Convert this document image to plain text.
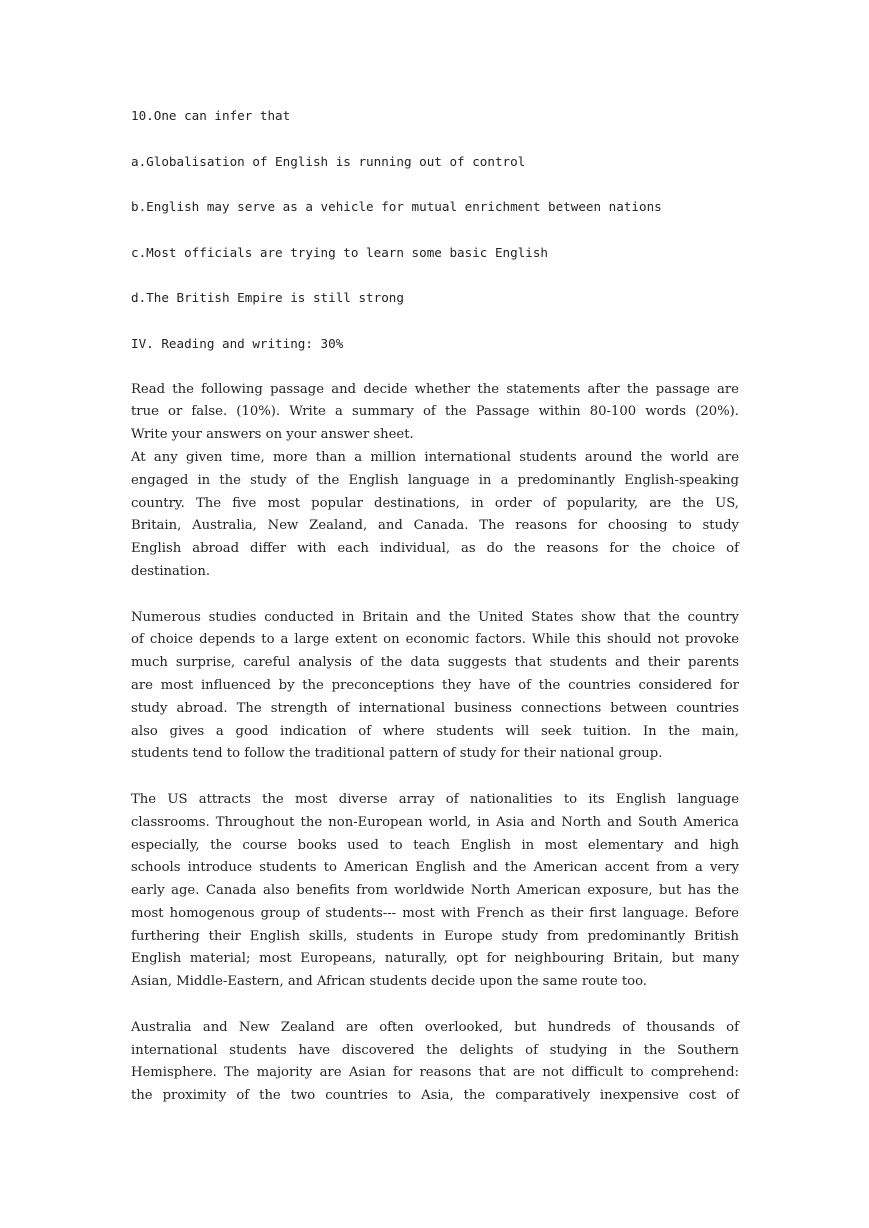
10.One can infer that
a.Globalisation of English is running out of control
b.English may serve as a vehicle for mutual enrichment between nations
c.Most officials are trying to learn some basic English
d.The British Empire is still strong
IV. Reading and writing: 30%
Read the following passage and decide whether the statements after the passage are
true or false. (10%). Write a summary of the Passage within 80-100 words (20%).
Write your answers on your answer sheet.
At any given time, more than a million international students around the world are
engaged in the study of the English language in a predominantly English-speaking
country. The five most popular destinations, in order of popularity, are the US,
Britain, Australia, New Zealand, and Canada. The reasons for choosing to study
English abroad differ with each individual, as do the reasons for the choice of
destination.
Numerous studies conducted in Britain and the United States show that the country
of choice depends to a large extent on economic factors. While this should not provoke
much surprise, careful analysis of the data suggests that students and their parents
are most influenced by the preconceptions they have of the countries considered for
study abroad. The strength of international business connections between countries
also gives a good indication of where students will seek tuition. In the main,
students tend to follow the traditional pattern of study for their national group.
The US attracts the most diverse array of nationalities to its English language
classrooms. Throughout the non-European world, in Asia and North and South America
especially, the course books used to teach English in most elementary and high
schools introduce students to American English and the American accent from a very
early age. Canada also benefits from worldwide North American exposure, but has the
most homogenous group of students--- most with French as their first language. Before
furthering their English skills, students in Europe study from predominantly British
English material; most Europeans, naturally, opt for neighbouring Britain, but many
Asian, Middle-Eastern, and African students decide upon the same route too.
Australia and New Zealand are often overlooked, but hundreds of thousands of
international students have discovered the delights of studying in the Southern
Hemisphere. The majority are Asian for reasons that are not difficult to comprehend:
the proximity of the two countries to Asia, the comparatively inexpensive cost of
